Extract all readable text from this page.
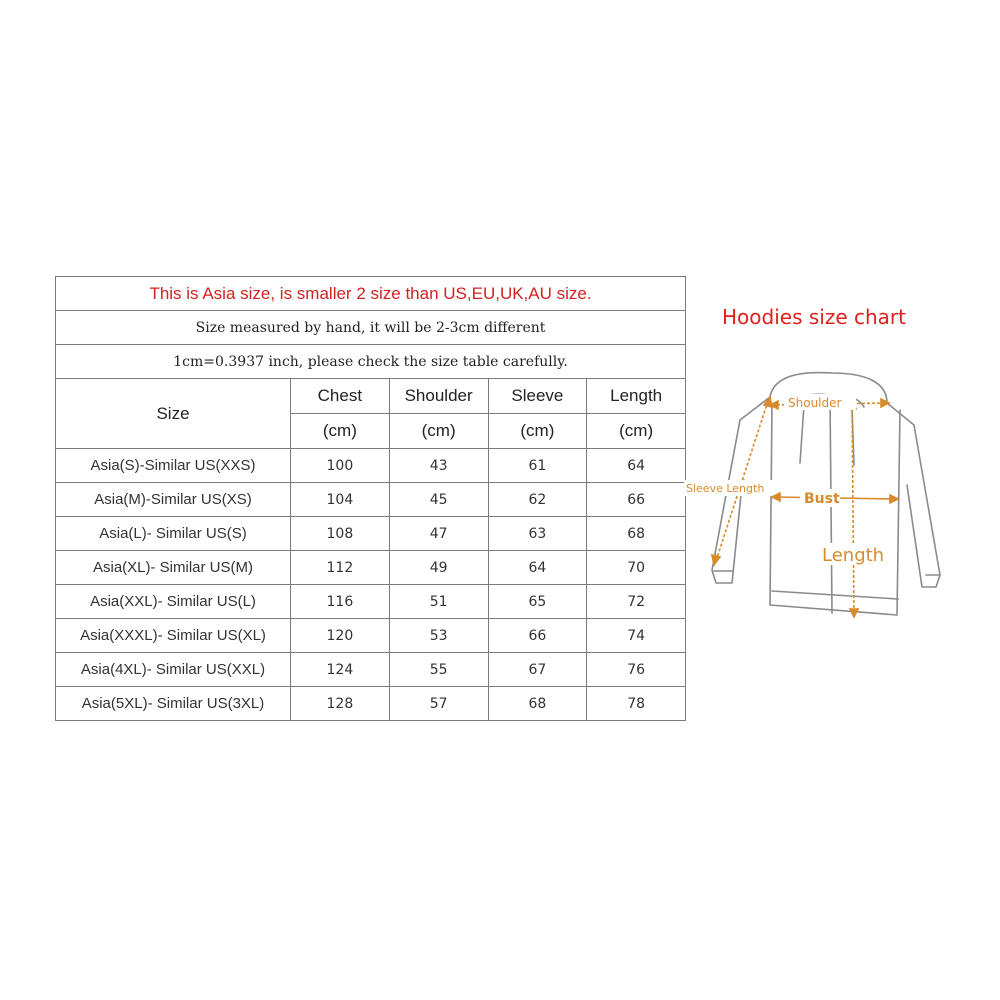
This is Asia size, is smaller 2 size than US,EU,UK,AU size.				
Size measured by hand, it will be 2-3cm different				
1cm=0.3937 inch, please check the size table carefully.				
Size	Chest	Shoulder	Sleeve	Length
	(cm)	(cm)	(cm)	(cm)
Asia(S)-Similar US(XXS)	100	43	61	64
Asia(M)-Similar US(XS)	104	45	62	66
Asia(L)- Similar US(S)	108	47	63	68
Asia(XL)- Similar US(M)	112	49	64	70
Asia(XXL)- Similar US(L)	116	51	65	72
Asia(XXXL)- Similar US(XL)	120	53	66	74
Asia(4XL)- Similar US(XXL)	124	55	67	76
Asia(5XL)- Similar US(3XL)	128	57	68	78
Hoodies size chart
Shoulder
Sleeve Length
Bust
Length
